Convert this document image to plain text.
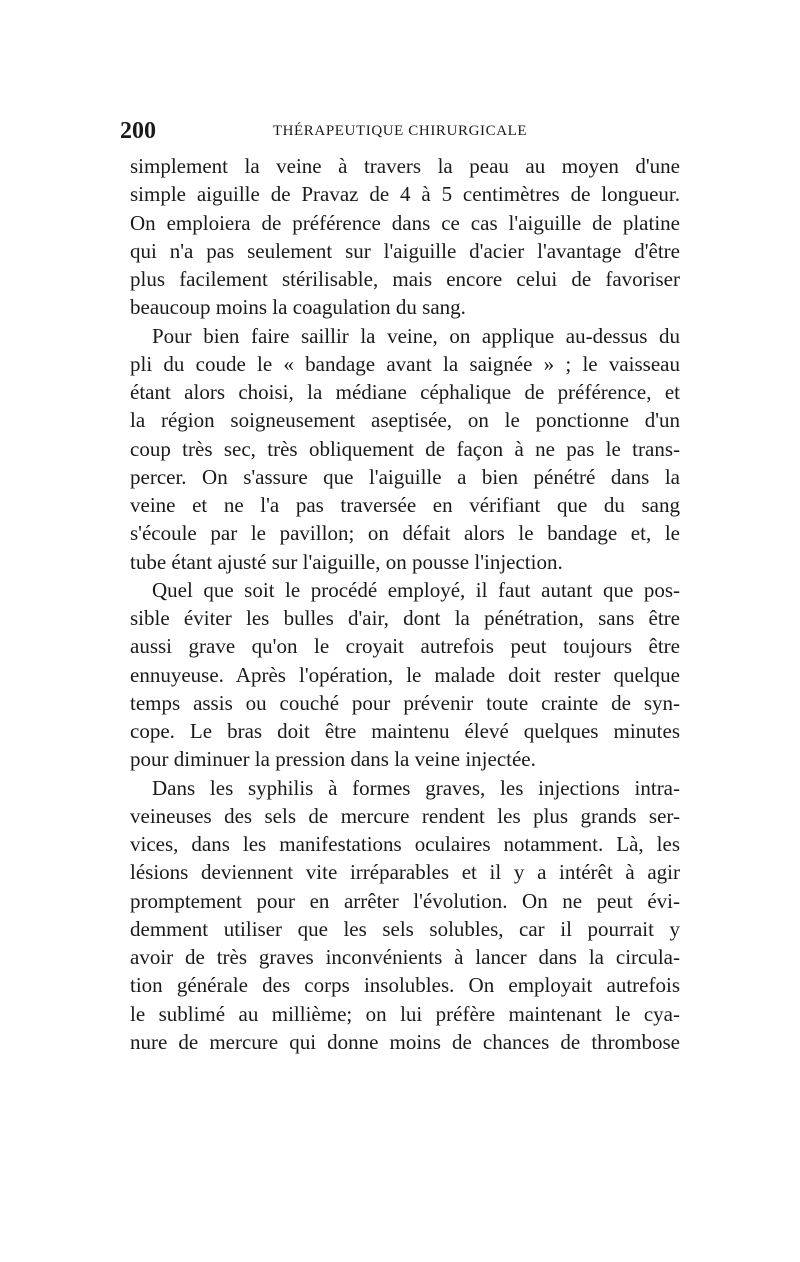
200	THÉRAPEUTIQUE CHIRURGICALE
simplement la veine à travers la peau au moyen d'une
simple aiguille de Pravaz de 4 à 5 centimètres de longueur.
On emploiera de préférence dans ce cas l'aiguille de platine
qui n'a pas seulement sur l'aiguille d'acier l'avantage d'être
plus facilement stérilisable, mais encore celui de favoriser
beaucoup moins la coagulation du sang.
Pour bien faire saillir la veine, on applique au-dessus du
pli du coude le « bandage avant la saignée » ; le vaisseau
étant alors choisi, la médiane céphalique de préférence, et
la région soigneusement aseptisée, on le ponctionne d'un
coup très sec, très obliquement de façon à ne pas le trans-
percer. On s'assure que l'aiguille a bien pénétré dans la
veine et ne l'a pas traversée en vérifiant que du sang
s'écoule par le pavillon; on défait alors le bandage et, le
tube étant ajusté sur l'aiguille, on pousse l'injection.
Quel que soit le procédé employé, il faut autant que pos-
sible éviter les bulles d'air, dont la pénétration, sans être
aussi grave qu'on le croyait autrefois peut toujours être
ennuyeuse. Après l'opération, le malade doit rester quelque
temps assis ou couché pour prévenir toute crainte de syn-
cope. Le bras doit être maintenu élevé quelques minutes
pour diminuer la pression dans la veine injectée.
Dans les syphilis à formes graves, les injections intra-
veineuses des sels de mercure rendent les plus grands ser-
vices, dans les manifestations oculaires notamment. Là, les
lésions deviennent vite irréparables et il y a intérêt à agir
promptement pour en arrêter l'évolution. On ne peut évi-
demment utiliser que les sels solubles, car il pourrait y
avoir de très graves inconvénients à lancer dans la circula-
tion générale des corps insolubles. On employait autrefois
le sublimé au millième; on lui préfère maintenant le cya-
nure de mercure qui donne moins de chances de thrombose
